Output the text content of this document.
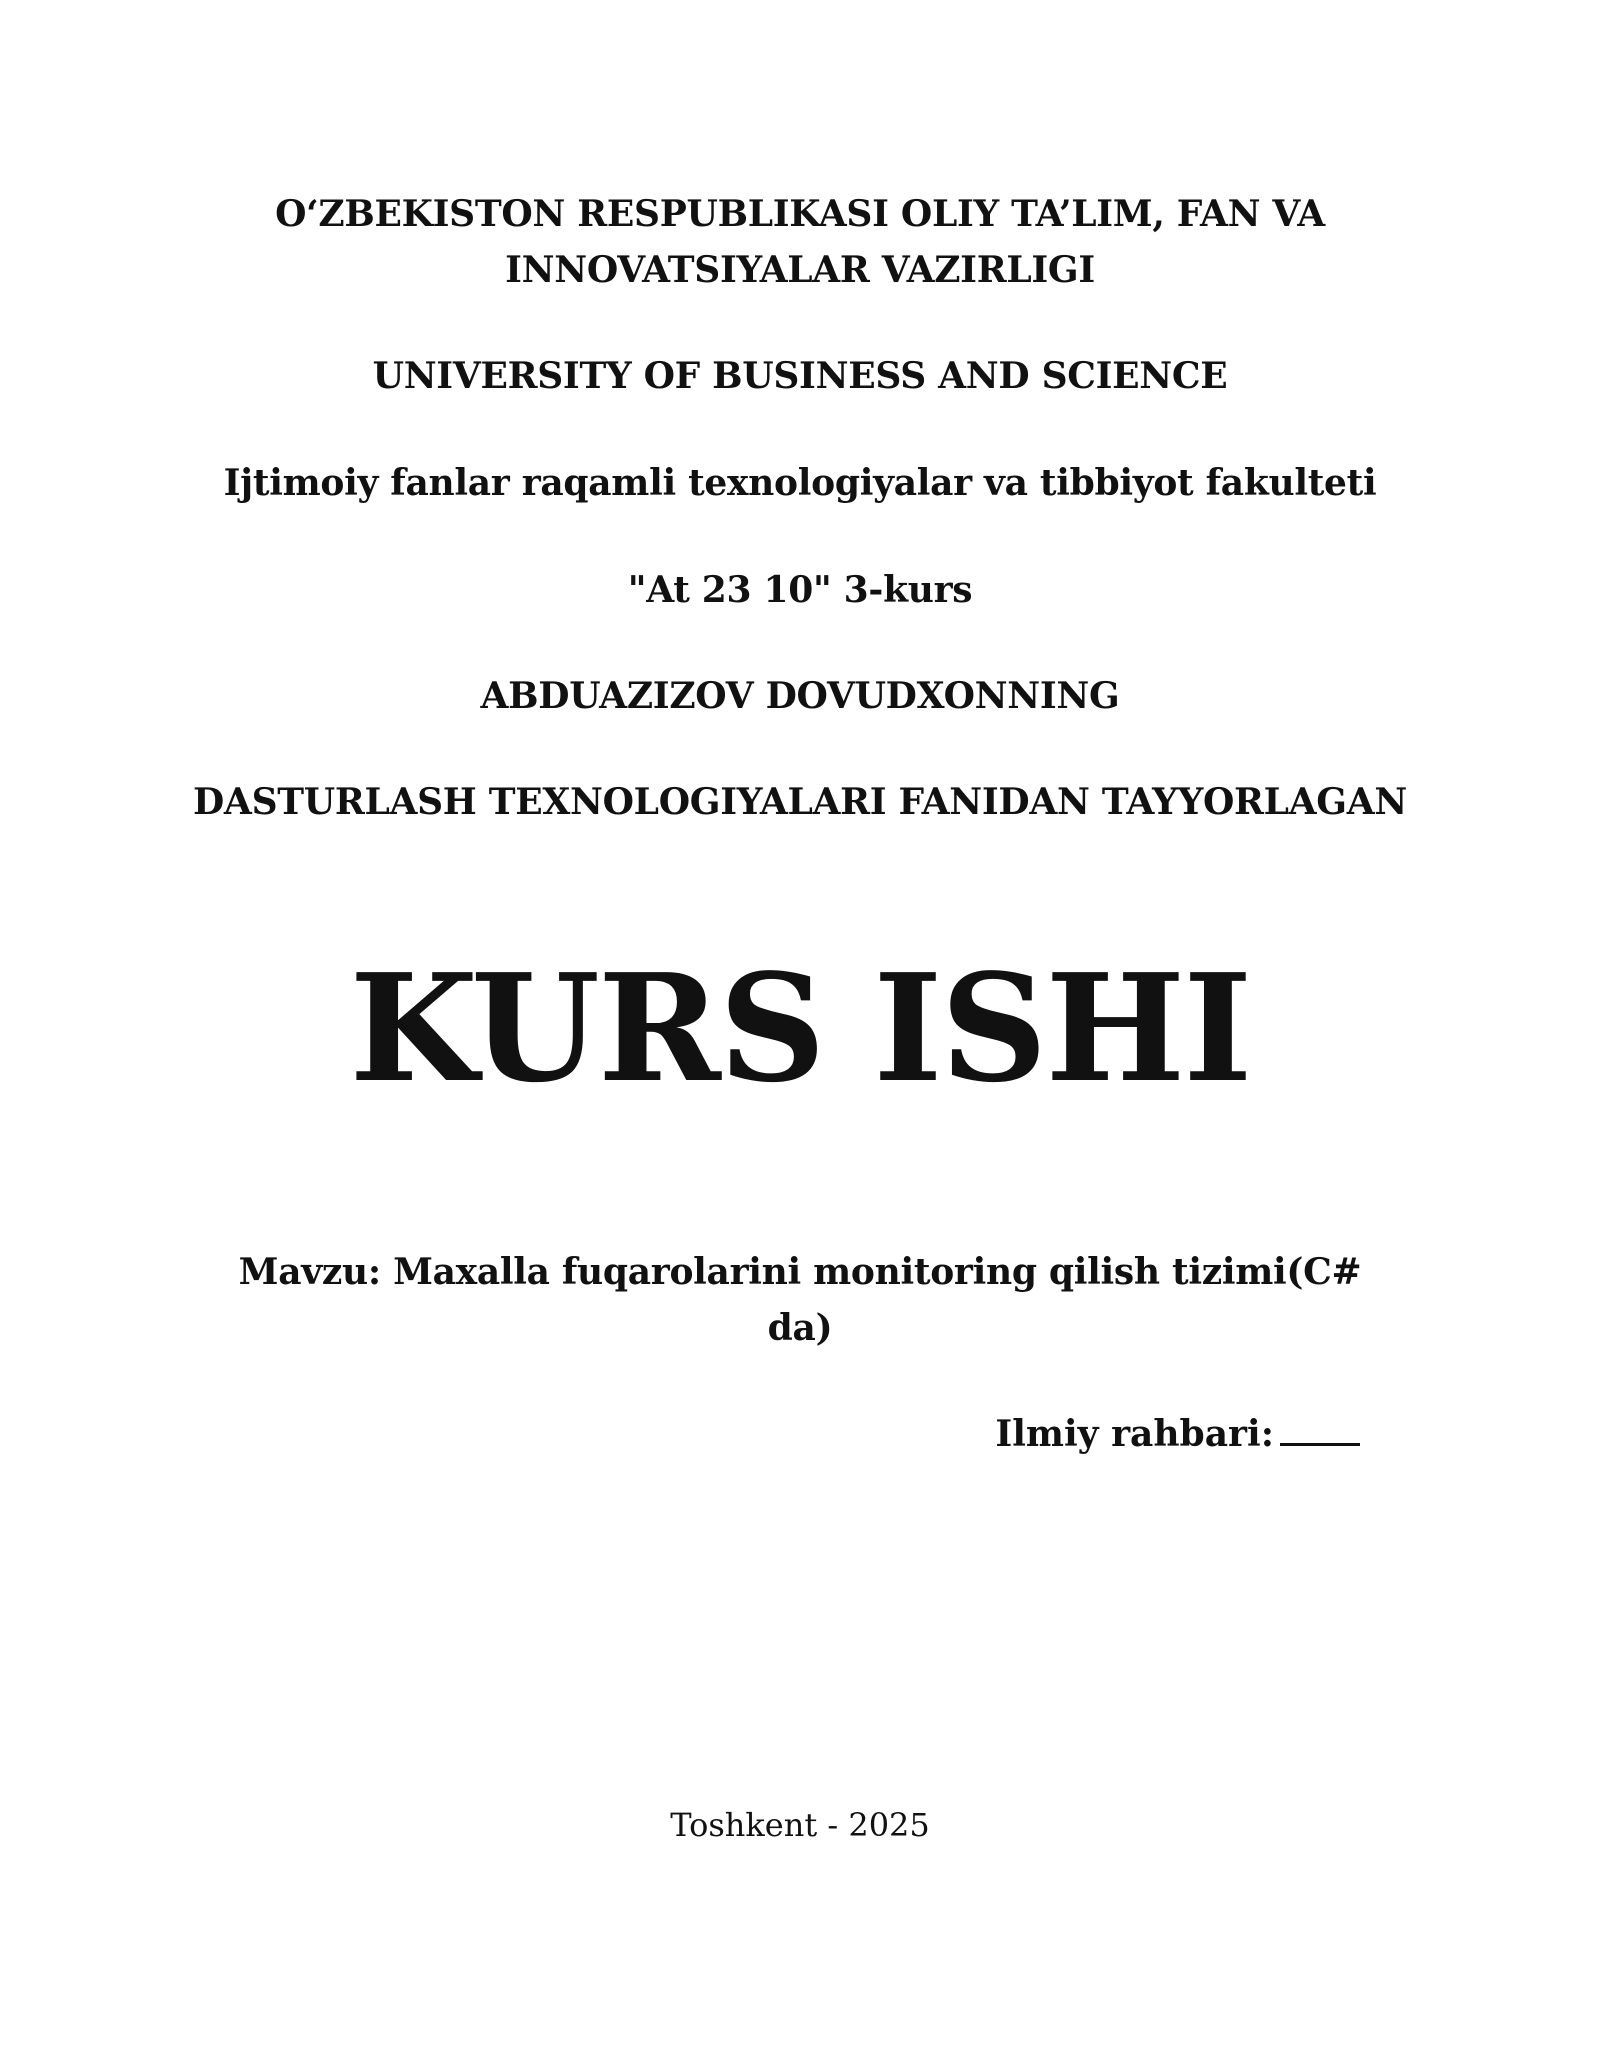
O‘ZBEKISTON RESPUBLIKASI OLIY TA’LIM, FAN VA
INNOVATSIYALAR VAZIRLIGI
UNIVERSITY OF BUSINESS AND SCIENCE
Ijtimoiy fanlar raqamli texnologiyalar va tibbiyot fakulteti
"At 23 10" 3-kurs
ABDUAZIZOV DOVUDXONNING
DASTURLASH TEXNOLOGIYALARI FANIDAN TAYYORLAGAN
KURS ISHI
Mavzu: Maxalla fuqarolarini monitoring qilish tizimi(C#
da)
Ilmiy rahbari:
Toshkent - 2025
